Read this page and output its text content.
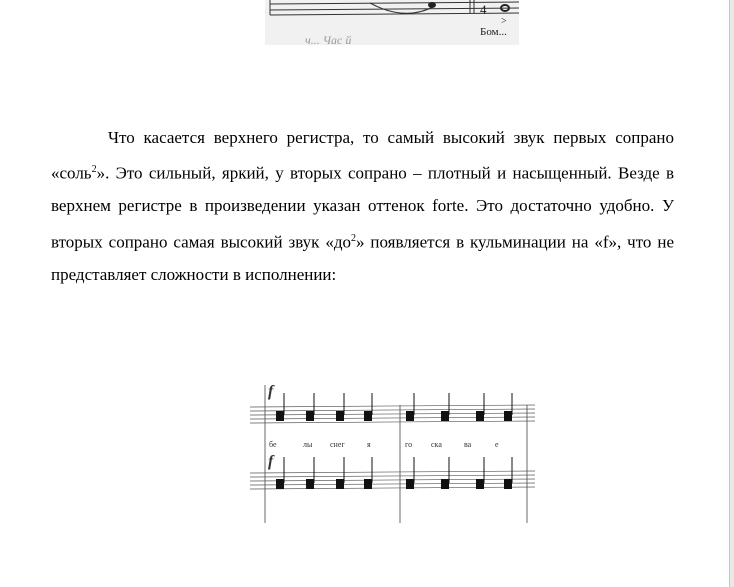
4
>
ч... Час й
Бом...

Что касается верхнего регистра, то самый высокий звук первых сопрано «соль$^2$». Это сильный, яркий, у вторых сопрано – плотный и насыщенный. Везде в верхнем регистре в произведении указан оттенок forte. Это достаточно удобно. У вторых сопрано самая высокий звук «$до^2$» появляется в кульминации на «f», что не представляет сложности в исполнении:

f
f
бе	лы снег	я	го ска	ва	е
